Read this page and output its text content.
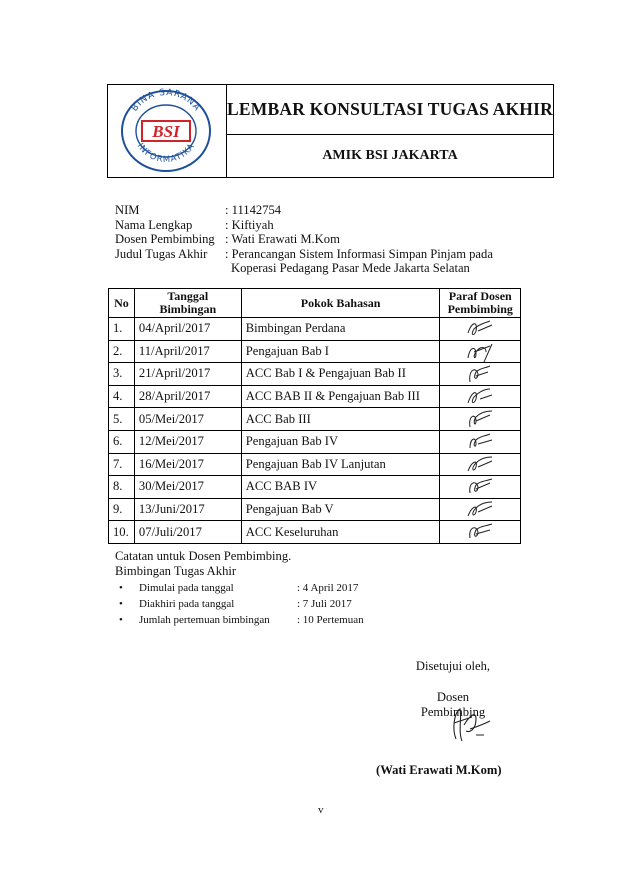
BINA SARANA
INFORMATIKA
BSI
LEMBAR KONSULTASI TUGAS AKHIR
AMIK BSI JAKARTA
NIM	: 11142754
Nama Lengkap	: Kiftiyah
Dosen Pembimbing : Wati Erawati M.Kom
Judul Tugas Akhir	: Perancangan Sistem Informasi Simpan Pinjam pada
Koperasi Pedagang Pasar Mede Jakarta Selatan
No	Tanggal Bimbingan	Pokok Bahasan	Paraf Dosen Pembimbing
1.	04/April/2017	Bimbingan Perdana	

2.	11/April/2017	Pengajuan Bab I	

3.	21/April/2017	ACC Bab I & Pengajuan Bab II	

4.	28/April/2017	ACC BAB II & Pengajuan Bab III	

5.	05/Mei/2017	ACC Bab III	

6.	12/Mei/2017	Pengajuan Bab IV	

7.	16/Mei/2017	Pengajuan Bab IV Lanjutan	

8.	30/Mei/2017	ACC BAB IV	

9.	13/Juni/2017	Pengajuan Bab V	

10.	07/Juli/2017	ACC Keseluruhan	
Catatan untuk Dosen Pembimbing.
Bimbingan Tugas Akhir
•	Dimulai pada tanggal	: 4 April 2017
•	Diakhiri pada tanggal	: 7 Juli 2017
•	Jumlah pertemuan bimbingan	: 10 Pertemuan
Disetujui oleh,
Dosen Pembimbing
(Wati Erawati M.Kom)
v
